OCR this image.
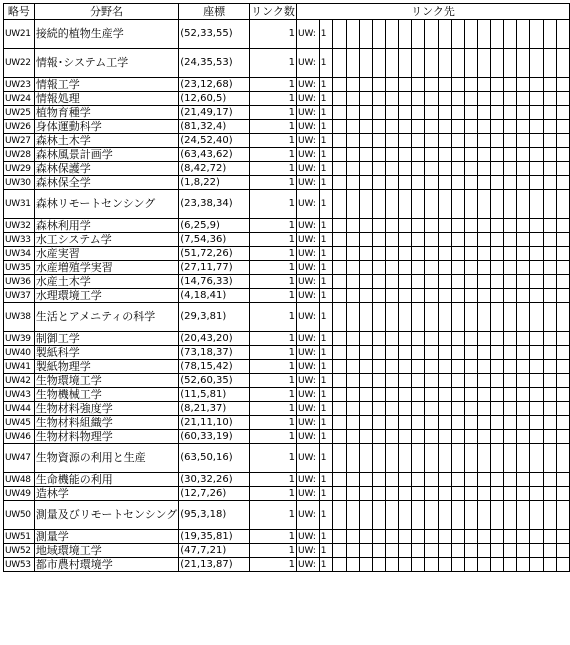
略号	分野名	座標	リンク数	リンク先																			
UW21	接続的植物生産学	(52,33,55)	1	UW:	1																		
UW22	情報･システム工学	(24,35,53)	1	UW:	1																		
UW23	情報工学	(23,12,68)	1	UW:	1																		
UW24	情報処理	(12,60,5)	1	UW:	1																		
UW25	植物育種学	(21,49,17)	1	UW:	1																		
UW26	身体運動科学	(81,32,4)	1	UW:	1																		
UW27	森林土木学	(24,52,40)	1	UW:	1																		
UW28	森林風景計画学	(63,43,62)	1	UW:	1																		
UW29	森林保護学	(8,42,72)	1	UW:	1																		
UW30	森林保全学	(1,8,22)	1	UW:	1																		
UW31	森林リモートセンシング	(23,38,34)	1	UW:	1																		
UW32	森林利用学	(6,25,9)	1	UW:	1																		
UW33	水工システム学	(7,54,36)	1	UW:	1																		
UW34	水産実習	(51,72,26)	1	UW:	1																		
UW35	水産増殖学実習	(27,11,77)	1	UW:	1																		
UW36	水産土木学	(14,76,33)	1	UW:	1																		
UW37	水理環境工学	(4,18,41)	1	UW:	1																		
UW38	生活とアメニティの科学	(29,3,81)	1	UW:	1																		
UW39	制御工学	(20,43,20)	1	UW:	1																		
UW40	製紙科学	(73,18,37)	1	UW:	1																		
UW41	製紙物理学	(78,15,42)	1	UW:	1																		
UW42	生物環境工学	(52,60,35)	1	UW:	1																		
UW43	生物機械工学	(11,5,81)	1	UW:	1																		
UW44	生物材料強度学	(8,21,37)	1	UW:	1																		
UW45	生物材料組織学	(21,11,10)	1	UW:	1																		
UW46	生物材料物理学	(60,33,19)	1	UW:	1																		
UW47	生物資源の利用と生産	(63,50,16)	1	UW:	1																		
UW48	生命機能の利用	(30,32,26)	1	UW:	1																		
UW49	造林学	(12,7,26)	1	UW:	1																		
UW50	測量及びリモートセンシング	(95,3,18)	1	UW:	1																		
UW51	測量学	(19,35,81)	1	UW:	1																		
UW52	地域環境工学	(47,7,21)	1	UW:	1																		
UW53	都市農村環境学	(21,13,87)	1	UW:	1																		
